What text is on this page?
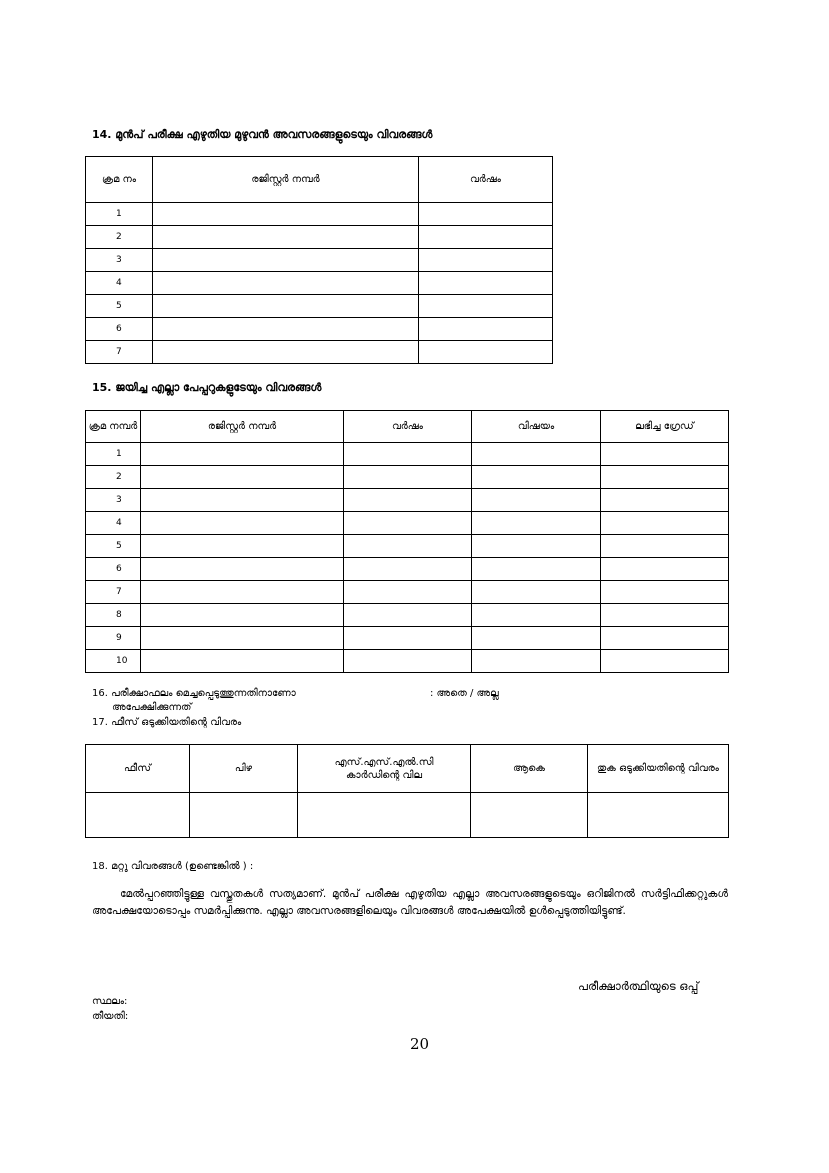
14. മുൻപ് പരീക്ഷ എഴുതിയ മുഴുവൻ അവസരങ്ങളുടെയും വിവരങ്ങൾ
ക്രമ നം	രജിസ്റ്റർ നമ്പർ	വർഷം
1		
2		
3		
4		
5		
6		
7		
15. ജയിച്ച എല്ലാ പേപ്പറുകളുടേയും വിവരങ്ങൾ
ക്രമ നമ്പർ	രജിസ്റ്റർ നമ്പർ	വർഷം	വിഷയം	ലഭിച്ച ഗ്രേഡ്
1				
2				
3				
4				
5				
6				
7				
8				
9				
10				
16. പരീക്ഷാഫലം മെച്ചപ്പെടുത്തുന്നതിനാണോ
അപേക്ഷിക്കുന്നത്
: അതെ / അല്ല
17. ഫീസ് ഒടുക്കിയതിന്റെ വിവരം
ഫീസ്	പിഴ	എസ്.എസ്.എൽ.സി കാർഡിന്റെ വില	ആകെ	തുക ഒടുക്കിയതിന്റെ വിവരം

18. മറ്റു വിവരങ്ങൾ (ഉണ്ടെങ്കിൽ ) :
മേൽപ്പറഞ്ഞിട്ടുള്ള വസ്തുതകൾ സത്യമാണ്. മുൻപ് പരീക്ഷ എഴുതിയ എല്ലാ അവസരങ്ങളുടെയും ഒറിജിനൽ സർട്ടിഫിക്കറ്റുകൾ അപേക്ഷയോടൊപ്പം സമർപ്പിക്കുന്നു. എല്ലാ അവസരങ്ങളിലെയും വിവരങ്ങൾ അപേക്ഷയിൽ ഉൾപ്പെടുത്തിയിട്ടുണ്ട്.
പരീക്ഷാർത്ഥിയുടെ ഒപ്പ്
സ്ഥലം:
തീയതി:
20
